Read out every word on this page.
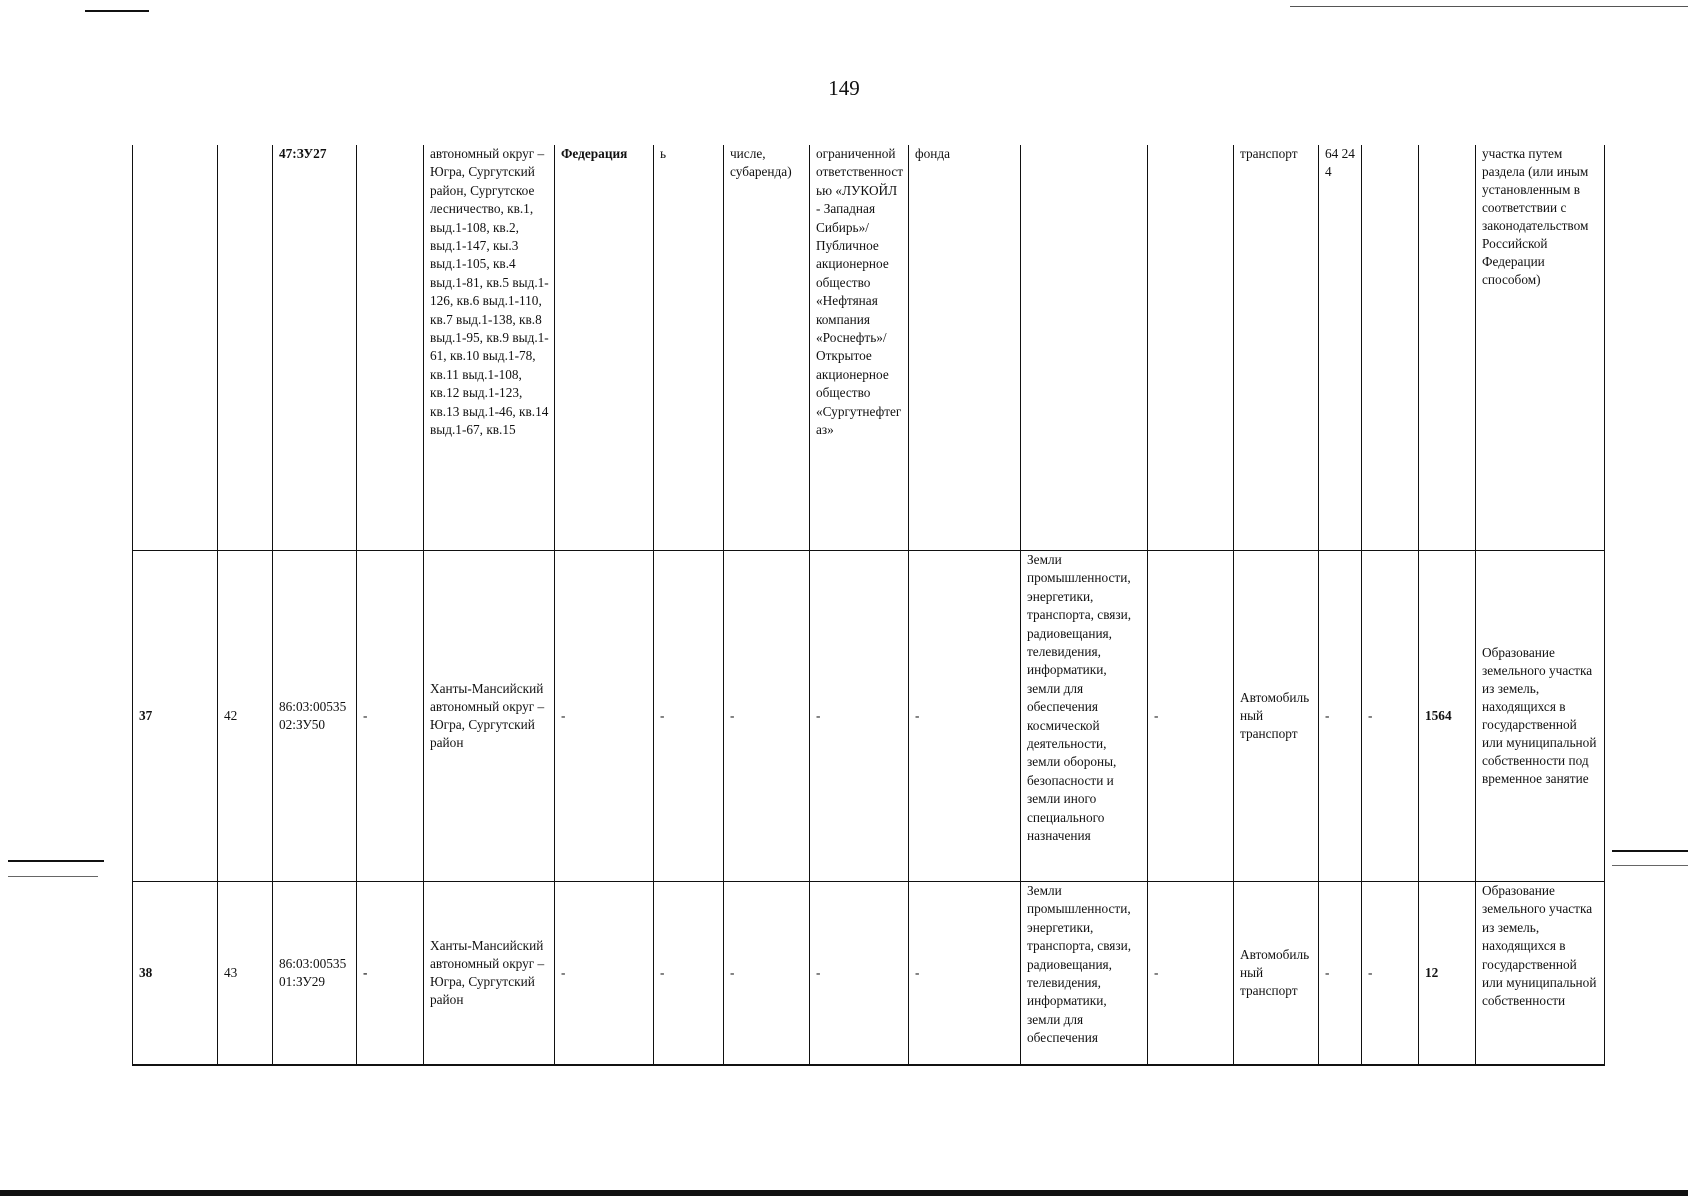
149
		47:ЗУ27		автономный округ – Югра, Сургутский район, Сургутское лесничество, кв.1, выд.1-108, кв.2, выд.1-147, кы.3 выд.1-105, кв.4 выд.1-81, кв.5 выд.1-126, кв.6 выд.1-110, кв.7 выд.1-138, кв.8 выд.1-95, кв.9 выд.1-61, кв.10 выд.1-78, кв.11 выд.1-108, кв.12 выд.1-123, кв.13 выд.1-46, кв.14 выд.1-67, кв.15	Федерация	ь	числе, субаренда)	ограниченной ответственностью «ЛУКОЙЛ - Западная Сибирь»/Публичное акционерное общество «Нефтяная компания «Роснефть»/Открытое акционерное общество «Сургутнефтегаз»	фонда			транспорт	64 24 4			участка путем раздела (или иным установленным в соответствии с законодательством Российской Федерации способом)
37	42	86:03:0053502:ЗУ50	-	Ханты-Мансийский автономный округ – Югра, Сургутский район	-	-	-	-	-	Земли промышленности, энергетики, транспорта, связи, радиовещания, телевидения, информатики, земли для обеспечения космической деятельности, земли обороны, безопасности и земли иного специального назначения	-	Автомобильный транспорт	-	-	1564	Образование земельного участка из земель, находящихся в государственной или муниципальной собственности под временное занятие
38	43	86:03:0053501:ЗУ29	-	Ханты-Мансийский автономный округ – Югра, Сургутский район	-	-	-	-	-	Земли промышленности, энергетики, транспорта, связи, радиовещания, телевидения, информатики, земли для обеспечения	-	Автомобильный транспорт	-	-	12	Образование земельного участка из земель, находящихся в государственной или муниципальной собственности
